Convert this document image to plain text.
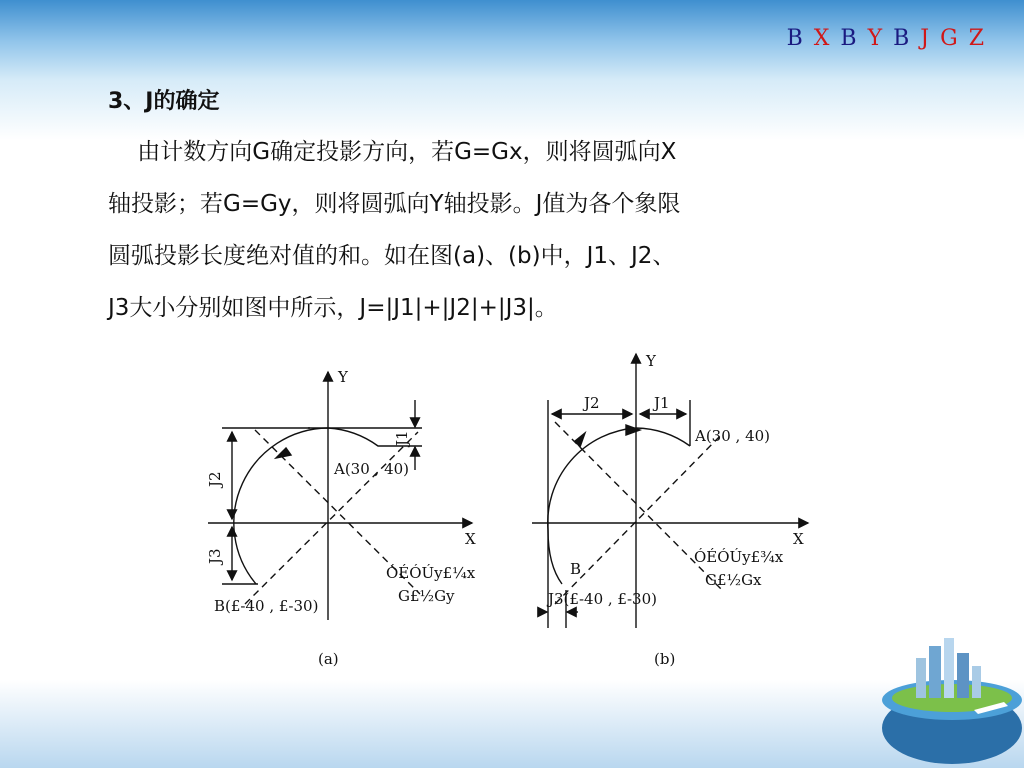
B X B Y B J G Z
3、J的确定
由计数方向G确定投影方向，若G=Gx，则将圆弧向X
轴投影；若G=Gy，则将圆弧向Y轴投影。J值为各个象限
圆弧投影长度绝对值的和。如在图(a)、(b)中，J1、J2、
J3大小分别如图中所示，J=|J1|+|J2|+|J3|。
X
Y
J1
J2
J3
A(30 , 40)
B(£-40 , £-30)
ÓÉÓÚy£¼x
G£½Gy
X
Y
J2	J1
A(30 , 40)
B
J3(£-40 , £-30)
ÓÉÓÚy£¾x
G£½Gx
(a)	(b)
